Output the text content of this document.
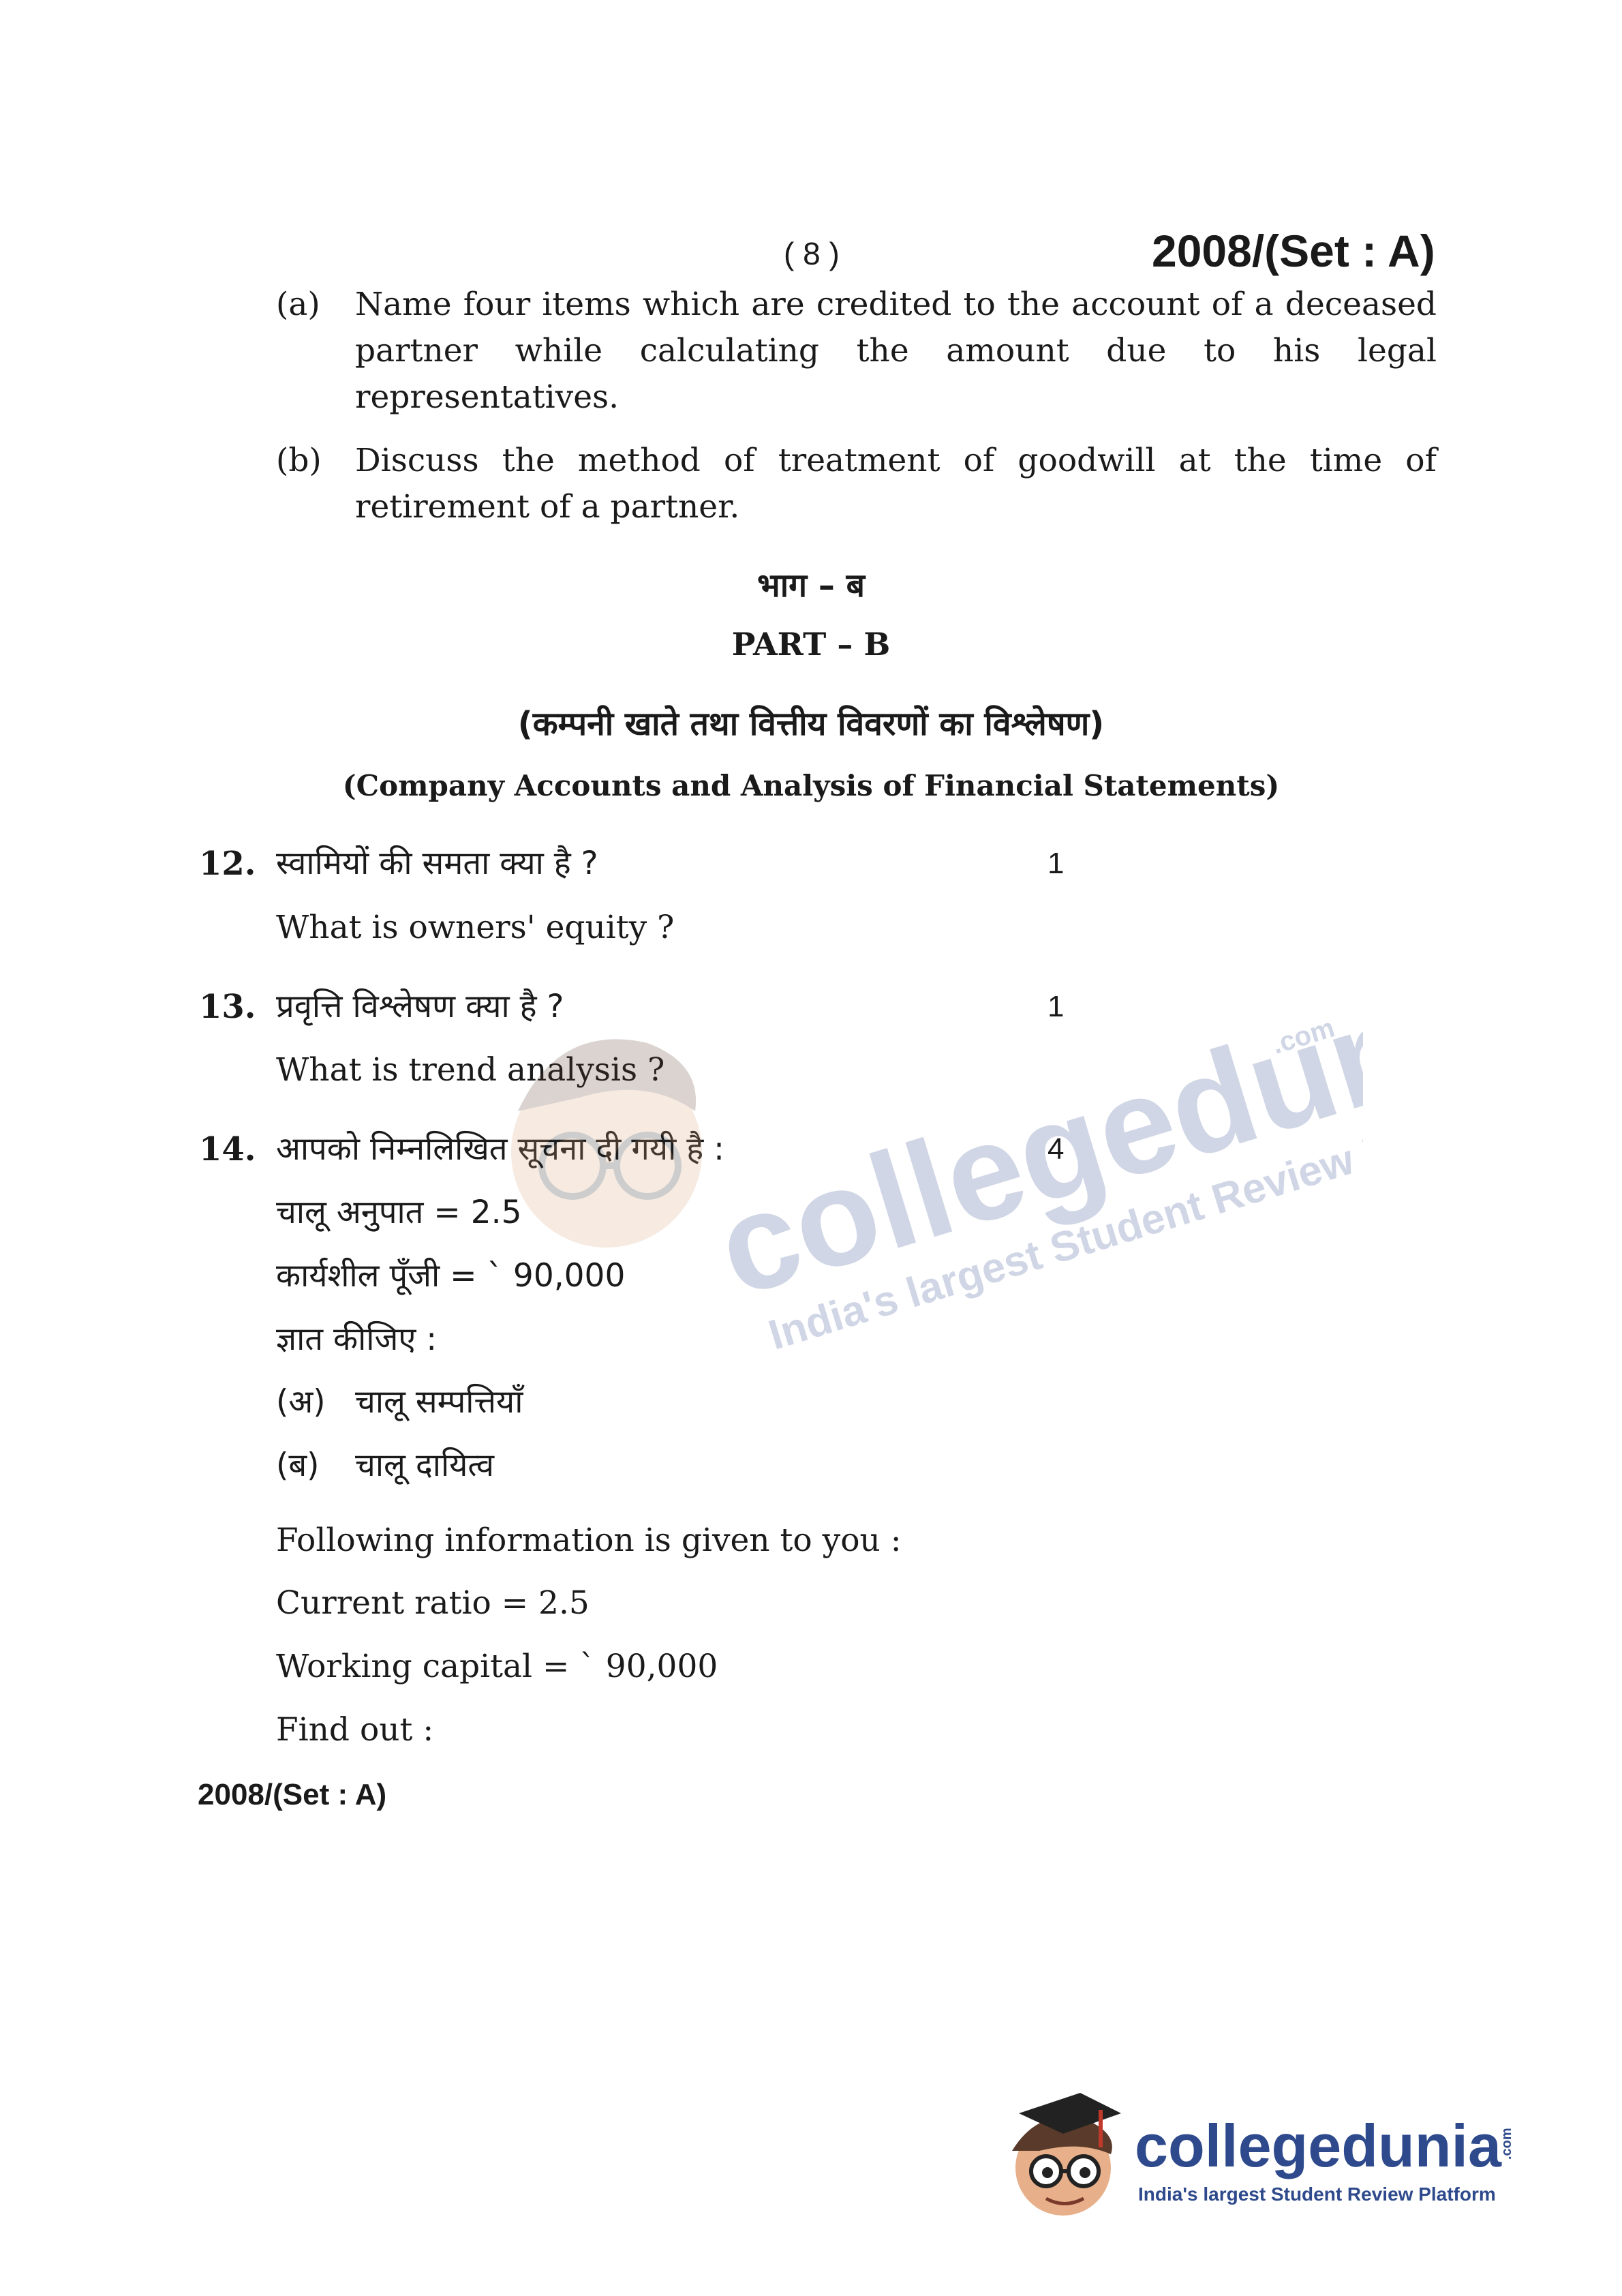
( 8 )	2008/(Set : A)
(a)	Name four items which are credited to the account of a deceased partner while calculating the amount due to his legal representatives.
(b)	Discuss the method of treatment of goodwill at the time of retirement of a partner.
भाग – ब
PART – B
(कम्पनी खाते तथा वित्तीय विवरणों का विश्लेषण)
(Company Accounts and Analysis of Financial Statements)
12. स्वामियों की समता क्या है ?	1
What is owners' equity ?
13. प्रवृत्ति विश्लेषण क्या है ?	1
What is trend analysis ?
14. आपको निम्नलिखित सूचना दी गयी है :	4
चालू अनुपात = 2.5
कार्यशील पूँजी = ` 90,000
ज्ञात कीजिए :
(अ) चालू सम्पत्तियाँ
(ब) चालू दायित्व
Following information is given to you :
Current ratio = 2.5
Working capital = ` 90,000
Find out :
2008/(Set : A)
collegedunia
.com
India's largest Student Review Platform
collegedunia
.com
India's largest Student Review Platform
